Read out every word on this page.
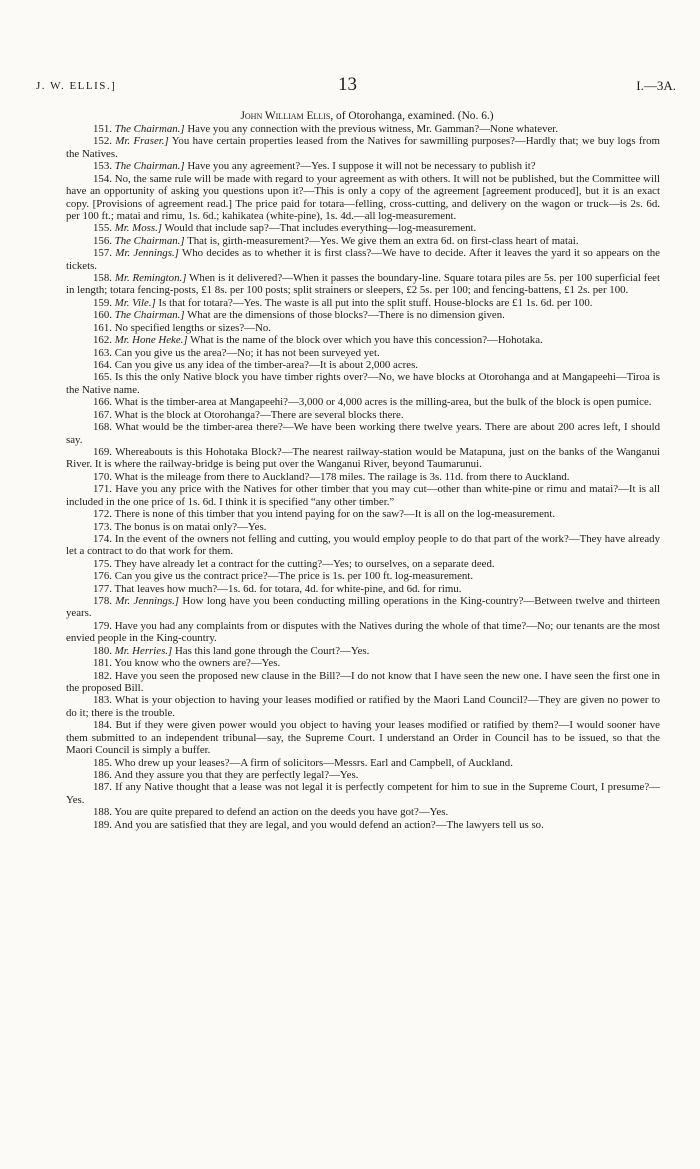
J. W. ELLIS.]	13	I.—3A.

John William Ellis, of Otorohanga, examined. (No. 6.)

151. The Chairman.] Have you any connection with the previous witness, Mr. Gamman?—None whatever.

152. Mr. Fraser.] You have certain properties leased from the Natives for sawmilling purposes?—Hardly that; we buy logs from the Natives.

153. The Chairman.] Have you any agreement?—Yes. I suppose it will not be necessary to publish it?

154. No, the same rule will be made with regard to your agreement as with others. It will not be published, but the Committee will have an opportunity of asking you questions upon it?—This is only a copy of the agreement [agreement produced], but it is an exact copy. [Provisions of agreement read.] The price paid for totara—felling, cross-cutting, and delivery on the wagon or truck—is 2s. 6d. per 100 ft.; matai and rimu, 1s. 6d.; kahikatea (white-pine), 1s. 4d.—all log-measurement.

155. Mr. Moss.] Would that include sap?—That includes everything—log-measurement.

156. The Chairman.] That is, girth-measurement?—Yes. We give them an extra 6d. on first-class heart of matai.

157. Mr. Jennings.] Who decides as to whether it is first class?—We have to decide. After it leaves the yard it so appears on the tickets.

158. Mr. Remington.] When is it delivered?—When it passes the boundary-line. Square totara piles are 5s. per 100 superficial feet in length; totara fencing-posts, £1 8s. per 100 posts; split strainers or sleepers, £2 5s. per 100; and fencing-battens, £1 2s. per 100.

159. Mr. Vile.] Is that for totara?—Yes. The waste is all put into the split stuff. House-blocks are £1 1s. 6d. per 100.

160. The Chairman.] What are the dimensions of those blocks?—There is no dimension given.

161. No specified lengths or sizes?—No.

162. Mr. Hone Heke.] What is the name of the block over which you have this concession?—Hohotaka.

163. Can you give us the area?—No; it has not been surveyed yet.

164. Can you give us any idea of the timber-area?—It is about 2,000 acres.

165. Is this the only Native block you have timber rights over?—No, we have blocks at Otorohanga and at Mangapeehi—Tiroa is the Native name.

166. What is the timber-area at Mangapeehi?—3,000 or 4,000 acres is the milling-area, but the bulk of the block is open pumice.

167. What is the block at Otorohanga?—There are several blocks there.

168. What would be the timber-area there?—We have been working there twelve years. There are about 200 acres left, I should say.

169. Whereabouts is this Hohotaka Block?—The nearest railway-station would be Matapuna, just on the banks of the Wanganui River. It is where the railway-bridge is being put over the Wanganui River, beyond Taumarunui.

170. What is the mileage from there to Auckland?—178 miles. The railage is 3s. 11d. from there to Auckland.

171. Have you any price with the Natives for other timber that you may cut—other than white-pine or rimu and matai?—It is all included in the one price of 1s. 6d. I think it is specified “any other timber.”

172. There is none of this timber that you intend paying for on the saw?—It is all on the log-measurement.

173. The bonus is on matai only?—Yes.

174. In the event of the owners not felling and cutting, you would employ people to do that part of the work?—They have already let a contract to do that work for them.

175. They have already let a contract for the cutting?—Yes; to ourselves, on a separate deed.

176. Can you give us the contract price?—The price is 1s. per 100 ft. log-measurement.

177. That leaves how much?—1s. 6d. for totara, 4d. for white-pine, and 6d. for rimu.

178. Mr. Jennings.] How long have you been conducting milling operations in the King-country?—Between twelve and thirteen years.

179. Have you had any complaints from or disputes with the Natives during the whole of that time?—No; our tenants are the most envied people in the King-country.

180. Mr. Herries.] Has this land gone through the Court?—Yes.

181. You know who the owners are?—Yes.

182. Have you seen the proposed new clause in the Bill?—I do not know that I have seen the new one. I have seen the first one in the proposed Bill.

183. What is your objection to having your leases modified or ratified by the Maori Land Council?—They are given no power to do it; there is the trouble.

184. But if they were given power would you object to having your leases modified or ratified by them?—I would sooner have them submitted to an independent tribunal—say, the Supreme Court. I understand an Order in Council has to be issued, so that the Maori Council is simply a buffer.

185. Who drew up your leases?—A firm of solicitors—Messrs. Earl and Campbell, of Auckland.

186. And they assure you that they are perfectly legal?—Yes.

187. If any Native thought that a lease was not legal it is perfectly competent for him to sue in the Supreme Court, I presume?—Yes.

188. You are quite prepared to defend an action on the deeds you have got?—Yes.

189. And you are satisfied that they are legal, and you would defend an action?—The lawyers tell us so.
